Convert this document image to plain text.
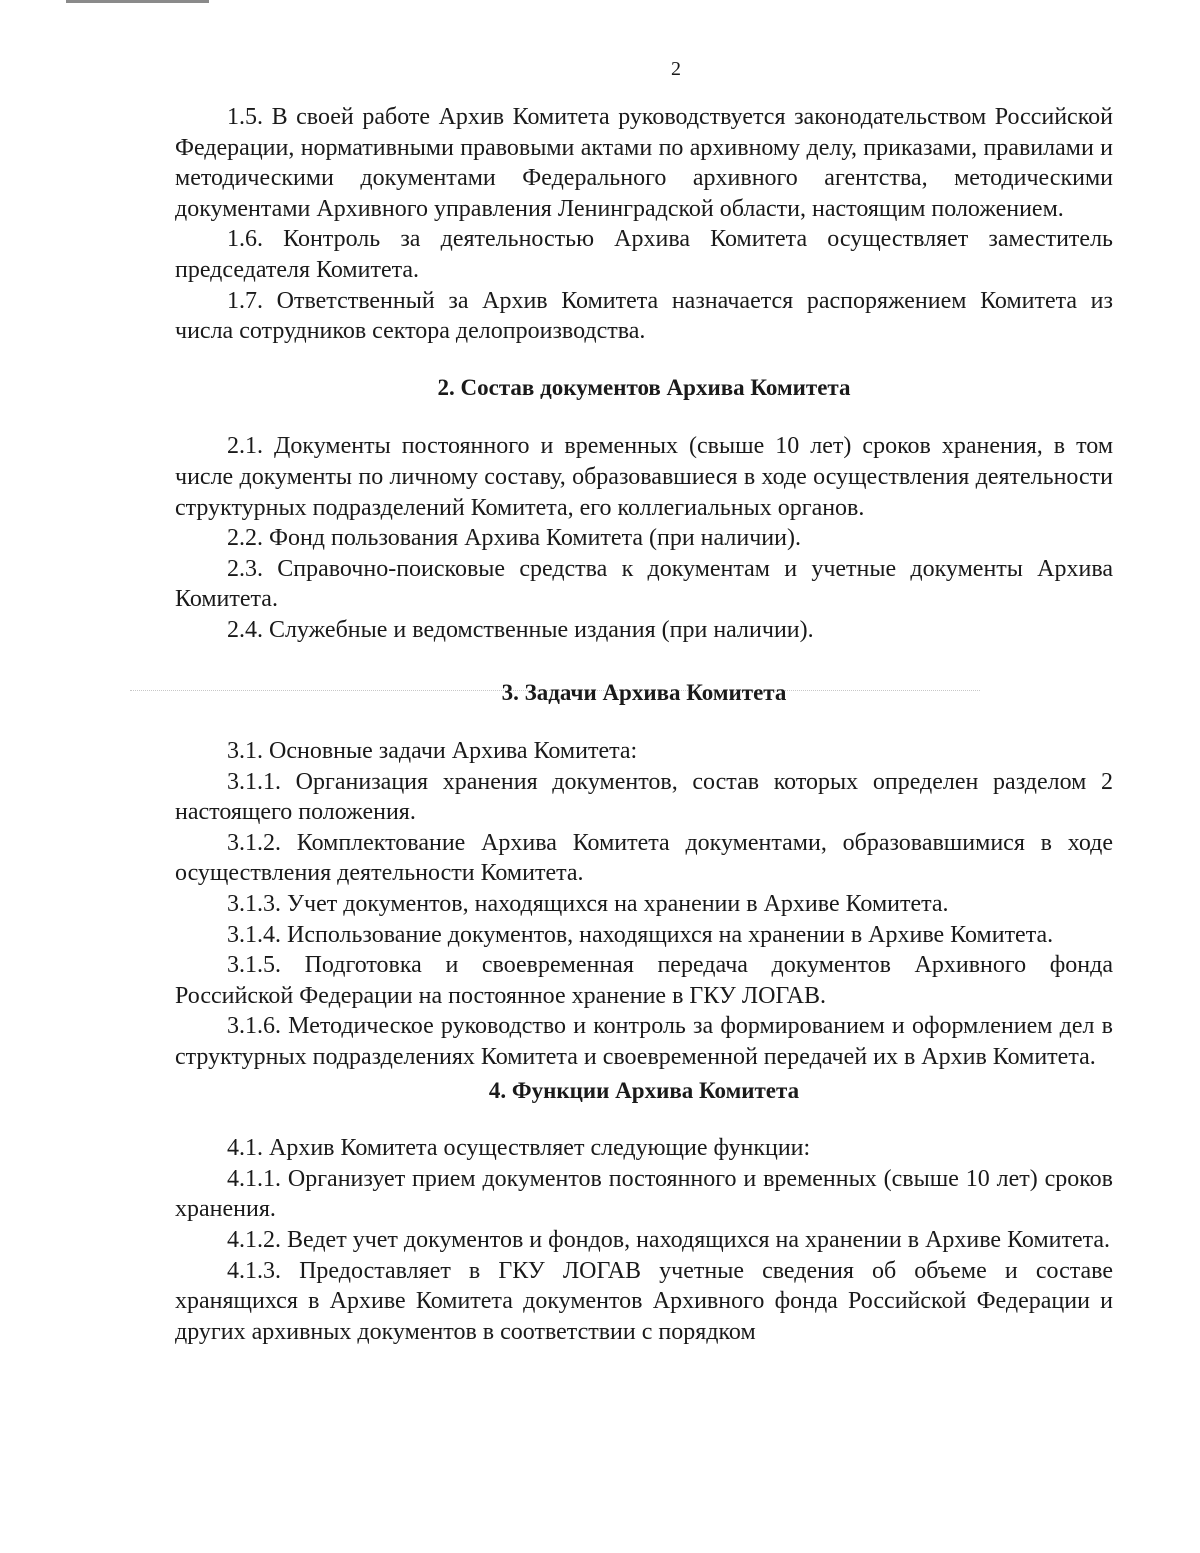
2

1.5. В своей работе Архив Комитета руководствуется законодательством Российской Федерации, нормативными правовыми актами по архивному делу, приказами, правилами и методическими документами Федерального архивного агентства, методическими документами Архивного управления Ленинградской области, настоящим положением.

1.6. Контроль за деятельностью Архива Комитета осуществляет заместитель председателя Комитета.

1.7. Ответственный за Архив Комитета назначается распоряжением Комитета из числа сотрудников сектора делопроизводства.

2. Состав документов Архива Комитета

2.1. Документы постоянного и временных (свыше 10 лет) сроков хранения, в том числе документы по личному составу, образовавшиеся в ходе осуществления деятельности структурных подразделений Комитета, его коллегиальных органов.

2.2. Фонд пользования Архива Комитета (при наличии).

2.3. Справочно-поисковые средства к документам и учетные документы Архива Комитета.

2.4. Служебные и ведомственные издания (при наличии).

3. Задачи Архива Комитета

3.1. Основные задачи Архива Комитета:

3.1.1. Организация хранения документов, состав которых определен разделом 2 настоящего положения.

3.1.2. Комплектование Архива Комитета документами, образовавшимися в ходе осуществления деятельности Комитета.

3.1.3. Учет документов, находящихся на хранении в Архиве Комитета.

3.1.4. Использование документов, находящихся на хранении в Архиве Комитета.

3.1.5. Подготовка и своевременная передача документов Архивного фонда Российской Федерации на постоянное хранение в ГКУ ЛОГАВ.

3.1.6. Методическое руководство и контроль за формированием и оформлением дел в структурных подразделениях Комитета и своевременной передачей их в Архив Комитета.

4. Функции Архива Комитета

4.1. Архив Комитета осуществляет следующие функции:

4.1.1. Организует прием документов постоянного и временных (свыше 10 лет) сроков хранения.

4.1.2. Ведет учет документов и фондов, находящихся на хранении в Архиве Комитета.

4.1.3. Предоставляет в ГКУ ЛОГАВ учетные сведения об объеме и составе хранящихся в Архиве Комитета документов Архивного фонда Российской Федерации и других архивных документов в соответствии с порядком
